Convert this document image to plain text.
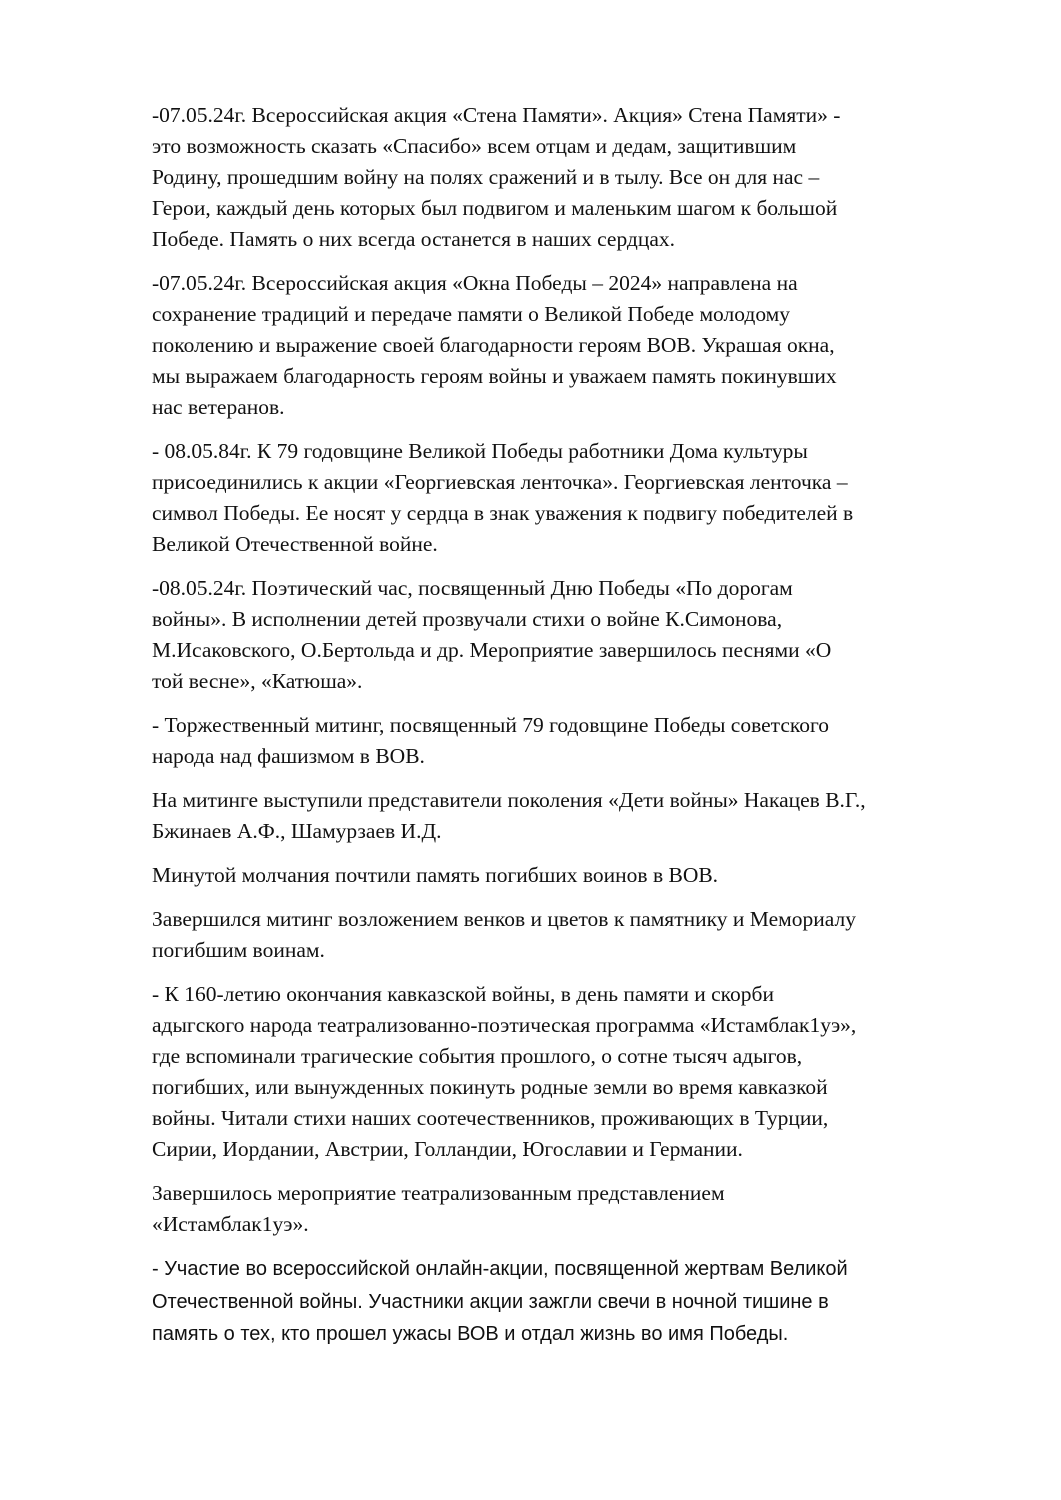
-07.05.24г. Всероссийская акция «Стена Памяти». Акция» Стена Памяти» -
это возможность сказать «Спасибо» всем отцам и дедам, защитившим
Родину, прошедшим войну на полях сражений и в тылу. Все он для нас –
Герои, каждый день которых был подвигом и маленьким шагом к большой
Победе. Память о них всегда останется в наших сердцах.

-07.05.24г. Всероссийская акция «Окна Победы – 2024» направлена на
сохранение традиций и передаче памяти о Великой Победе молодому
поколению и выражение своей благодарности героям ВОВ. Украшая окна,
мы выражаем благодарность героям войны и уважаем память покинувших
нас ветеранов.

- 08.05.84г. К 79 годовщине Великой Победы работники Дома культуры
присоединились к акции «Георгиевская ленточка». Георгиевская ленточка –
символ Победы. Ее носят у сердца в знак уважения к подвигу победителей в
Великой Отечественной войне.

-08.05.24г. Поэтический час, посвященный Дню Победы «По дорогам
войны». В исполнении детей прозвучали стихи о войне К.Симонова,
М.Исаковского, О.Бертольда и др. Мероприятие завершилось песнями «О
той весне», «Катюша».

- Торжественный митинг, посвященный 79 годовщине Победы советского
народа над фашизмом в ВОВ.

На митинге выступили представители поколения «Дети войны» Накацев В.Г.,
Бжинаев А.Ф., Шамурзаев И.Д.

Минутой молчания почтили память погибших воинов в ВОВ.

Завершился митинг возложением венков и цветов к памятнику и Мемориалу
погибшим воинам.

- К 160-летию окончания кавказской войны, в день памяти и скорби
адыгского народа театрализованно-поэтическая программа «Истамблак1уэ»,
где вспоминали трагические события прошлого, о сотне тысяч адыгов,
погибших, или вынужденных покинуть родные земли во время кавказкой
войны. Читали стихи наших соотечественников, проживающих в Турции,
Сирии, Иордании, Австрии, Голландии, Югославии и Германии.

Завершилось мероприятие театрализованным представлением
«Истамблак1уэ».

- Участие во всероссийской онлайн-акции, посвященной жертвам Великой
Отечественной войны. Участники акции зажгли свечи в ночной тишине в
память о тех, кто прошел ужасы ВОВ и отдал жизнь во имя Победы.
